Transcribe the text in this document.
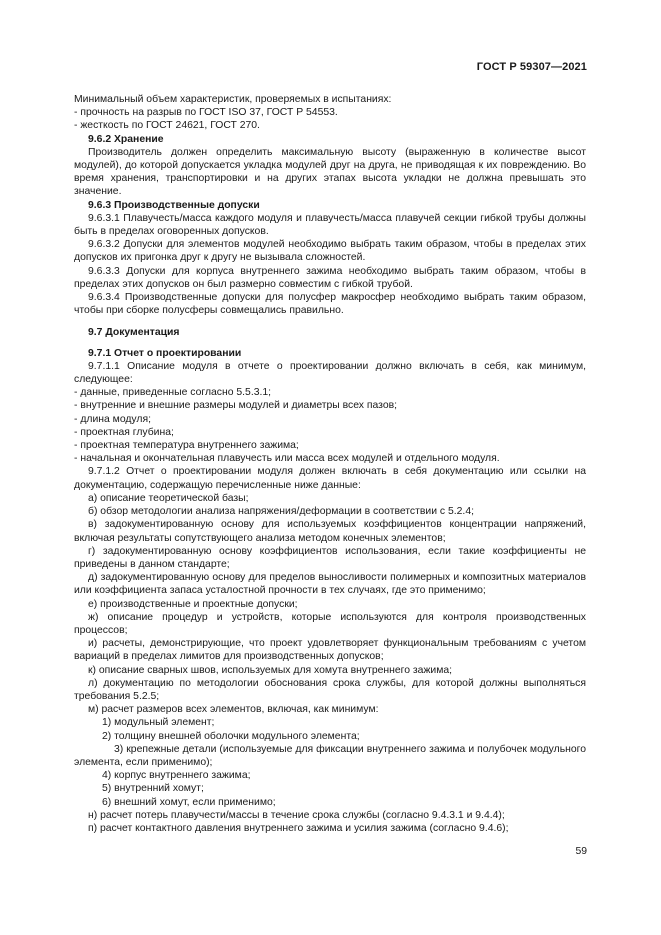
ГОСТ Р 59307—2021

Минимальный объем характеристик, проверяемых в испытаниях:

- прочность на разрыв по ГОСТ ISO 37, ГОСТ Р 54553.

- жесткость по ГОСТ 24621, ГОСТ 270.

9.6.2 Хранение

Производитель должен определить максимальную высоту (выраженную в количестве высот модулей), до которой допускается укладка модулей друг на друга, не приводящая к их повреждению. Во время хранения, транспортировки и на других этапах высота укладки не должна превышать это значение.

9.6.3 Производственные допуски

9.6.3.1 Плавучесть/масса каждого модуля и плавучесть/масса плавучей секции гибкой трубы должны быть в пределах оговоренных допусков.

9.6.3.2 Допуски для элементов модулей необходимо выбрать таким образом, чтобы в пределах этих допусков их пригонка друг к другу не вызывала сложностей.

9.6.3.3 Допуски для корпуса внутреннего зажима необходимо выбрать таким образом, чтобы в пределах этих допусков он был размерно совместим с гибкой трубой.

9.6.3.4 Производственные допуски для полусфер макросфер необходимо выбрать таким образом, чтобы при сборке полусферы совмещались правильно.

9.7 Документация

9.7.1 Отчет о проектировании

9.7.1.1 Описание модуля в отчете о проектировании должно включать в себя, как минимум, следующее:

- данные, приведенные согласно 5.5.3.1;

- внутренние и внешние размеры модулей и диаметры всех пазов;

- длина модуля;

- проектная глубина;

- проектная температура внутреннего зажима;

- начальная и окончательная плавучесть или масса всех модулей и отдельного модуля.

9.7.1.2 Отчет о проектировании модуля должен включать в себя документацию или ссылки на документацию, содержащую перечисленные ниже данные:

а) описание теоретической базы;

б) обзор методологии анализа напряжения/деформации в соответствии с 5.2.4;

в) задокументированную основу для используемых коэффициентов концентрации напряжений, включая результаты сопутствующего анализа методом конечных элементов;

г) задокументированную основу коэффициентов использования, если такие коэффициенты не приведены в данном стандарте;

д) задокументированную основу для пределов выносливости полимерных и композитных материалов или коэффициента запаса усталостной прочности в тех случаях, где это применимо;

е) производственные и проектные допуски;

ж) описание процедур и устройств, которые используются для контроля производственных процессов;

и) расчеты, демонстрирующие, что проект удовлетворяет функциональным требованиям с учетом вариаций в пределах лимитов для производственных допусков;

к) описание сварных швов, используемых для хомута внутреннего зажима;

л) документацию по методологии обоснования срока службы, для которой должны выполняться требования 5.2.5;

м) расчет размеров всех элементов, включая, как минимум:

1) модульный элемент;

2) толщину внешней оболочки модульного элемента;

3) крепежные детали (используемые для фиксации внутреннего зажима и полубочек модульного элемента, если применимо);

4) корпус внутреннего зажима;

5) внутренний хомут;

6) внешний хомут, если применимо;

н) расчет потерь плавучести/массы в течение срока службы (согласно 9.4.3.1 и 9.4.4);

п) расчет контактного давления внутреннего зажима и усилия зажима (согласно 9.4.6);

59
